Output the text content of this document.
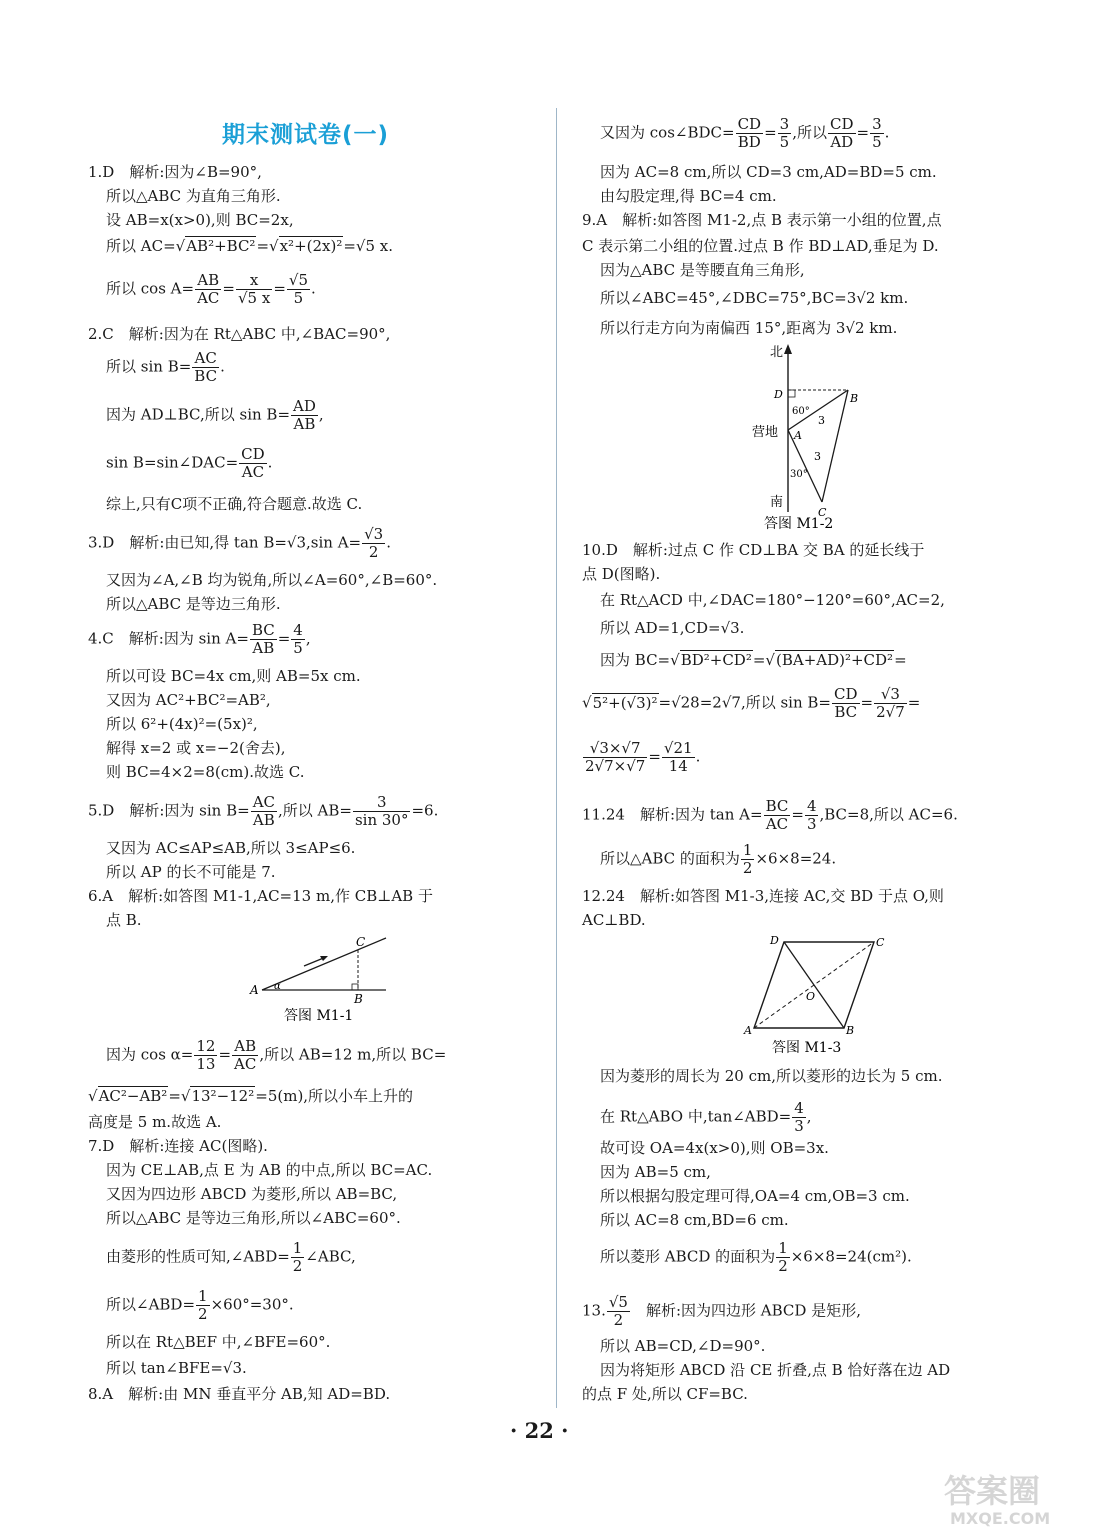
期末测试卷(一)
1.D　解析:因为∠B=90°,
所以△ABC 为直角三角形.
设 AB=x(x>0),则 BC=2x,
所以 AC=√AB²+BC²=√x²+(2x)²=√5 x.
所以 $\cos A= \frac{AB}{AC} = \frac{x}{√5 x} = \frac{√5}{5}$ .
2.C　解析:因为在 Rt△ABC 中,∠BAC=90°,
所以 $\sin B= \frac{AC}{BC}$ .
因为 AD⊥BC,所以 $\sin B= \frac{AD}{AB}$ ,
sin B=sin∠DAC= $\frac{CD}{AC}$ .
综上,只有C项不正确,符合题意.故选 C.
3.D　解析:由已知,得 tan B=√3,sin $A= \frac{√3}{2}$ .
又因为∠A,∠B 均为锐角,所以∠A=60°,∠B=60°.
所以△ABC 是等边三角形.
4.C　解析:因为 $\sin A= \frac{BC}{AB} = \frac{4}{5}$ ,
所以可设 BC=4x cm,则 AB=5x cm.
又因为 AC²+BC²=AB²,
所以 6²+(4x)²=(5x)²,
解得 x=2 或 x=−2(舍去),
则 BC=4×2=8(cm).故选 C.
5.D　解析:因为 $\sin B= \frac{AC}{AB}$ ,所以 $AB= \frac{3}{\sin 30^\circ} =6$.
又因为 AC≤AP≤AB,所以 3≤AP≤6.
所以 AP 的长不可能是 7.
6.A　解析:如答图 M1-1,AC=13 m,作 CB⊥AB 于
点 B.
A
B
C
α
答图 M1-1
因为 $\cos \alpha= \frac{12}{13} = \frac{AB}{AC}$ ,所以 AB=12 m,所以 BC=
√AC²−AB²=√13²−12²=5(m),所以小车上升的
高度是 5 m.故选 A.
7.D　解析:连接 AC(图略).
因为 CE⊥AB,点 E 为 AB 的中点,所以 BC=AC.
又因为四边形 ABCD 为菱形,所以 AB=BC,
所以△ABC 是等边三角形,所以∠ABC=60°.
由菱形的性质可知,∠ABD= $\frac{1}{2}$ ∠ABC,
所以∠ABD= $\frac{1}{2} \times 60^\circ=30^\circ$.
所以在 Rt△BEF 中,∠BFE=60°.
所以 tan∠BFE=√3.
8.A　解析:由 MN 垂直平分 AB,知 AD=BD.
又因为 cos∠BDC= $\frac{CD}{BD} = \frac{3}{5}$ ,所以 $\frac{CD}{AD} = \frac{3}{5}$ .
因为 AC=8 cm,所以 CD=3 cm,AD=BD=5 cm.
由勾股定理,得 BC=4 cm.
9.A　解析:如答图 M1-2,点 B 表示第一小组的位置,点
C 表示第二小组的位置.过点 B 作 BD⊥AD,垂足为 D.
因为△ABC 是等腰直角三角形,
所以∠ABC=45°,∠DBC=75°,BC=3√2 km.
所以行走方向为南偏西 15°,距离为 3√2 km.
北
南
营地
D
A
B
C
60°
30°
3
3
答图 M1-2
10.D　解析:过点 C 作 CD⊥BA 交 BA 的延长线于
点 D(图略).
在 Rt△ACD 中,∠DAC=180°−120°=60°,AC=2,
所以 AD=1,CD=√3.
因为 BC=√BD²+CD²=√(BA+AD)²+CD²=
√5²+(√3)²=√28=2√7,所以 $\sin B= \frac{CD}{BC} = \frac{√3}{2√7}$ =
$\frac{√3\times√7}{2√7\times√7} = \frac{√21}{14}$ .
11.24　解析:因为 $\tan A= \frac{BC}{AC} = \frac{4}{3} ,BC=8$,所以 AC=6.
所以△ABC 的面积为 $\frac{1}{2} \times 6\times 8=24$.
12.24　解析:如答图 M1-3,连接 AC,交 BD 于点 O,则
AC⊥BD.
A	B
C
D
O
答图 M1-3
因为菱形的周长为 20 cm,所以菱形的边长为 5 cm.
在 Rt△ABO 中,tan∠ABD= $\frac{4}{3}$ ,
故可设 OA=4x(x>0),则 OB=3x.
因为 AB=5 cm,
所以根据勾股定理可得,OA=4 cm,OB=3 cm.
所以 AC=8 cm,BD=6 cm.
所以菱形 ABCD 的面积为 $\frac{1}{2} \times 6\times 8=24(cm^2)$.
13. $\frac{√5}{2}$ 　解析:因为四边形 ABCD 是矩形,
所以 AB=CD,∠D=90°.
因为将矩形 ABCD 沿 CE 折叠,点 B 恰好落在边 AD
的点 F 处,所以 CF=BC.
· 22 ·
答案圈
MXQE.COM
